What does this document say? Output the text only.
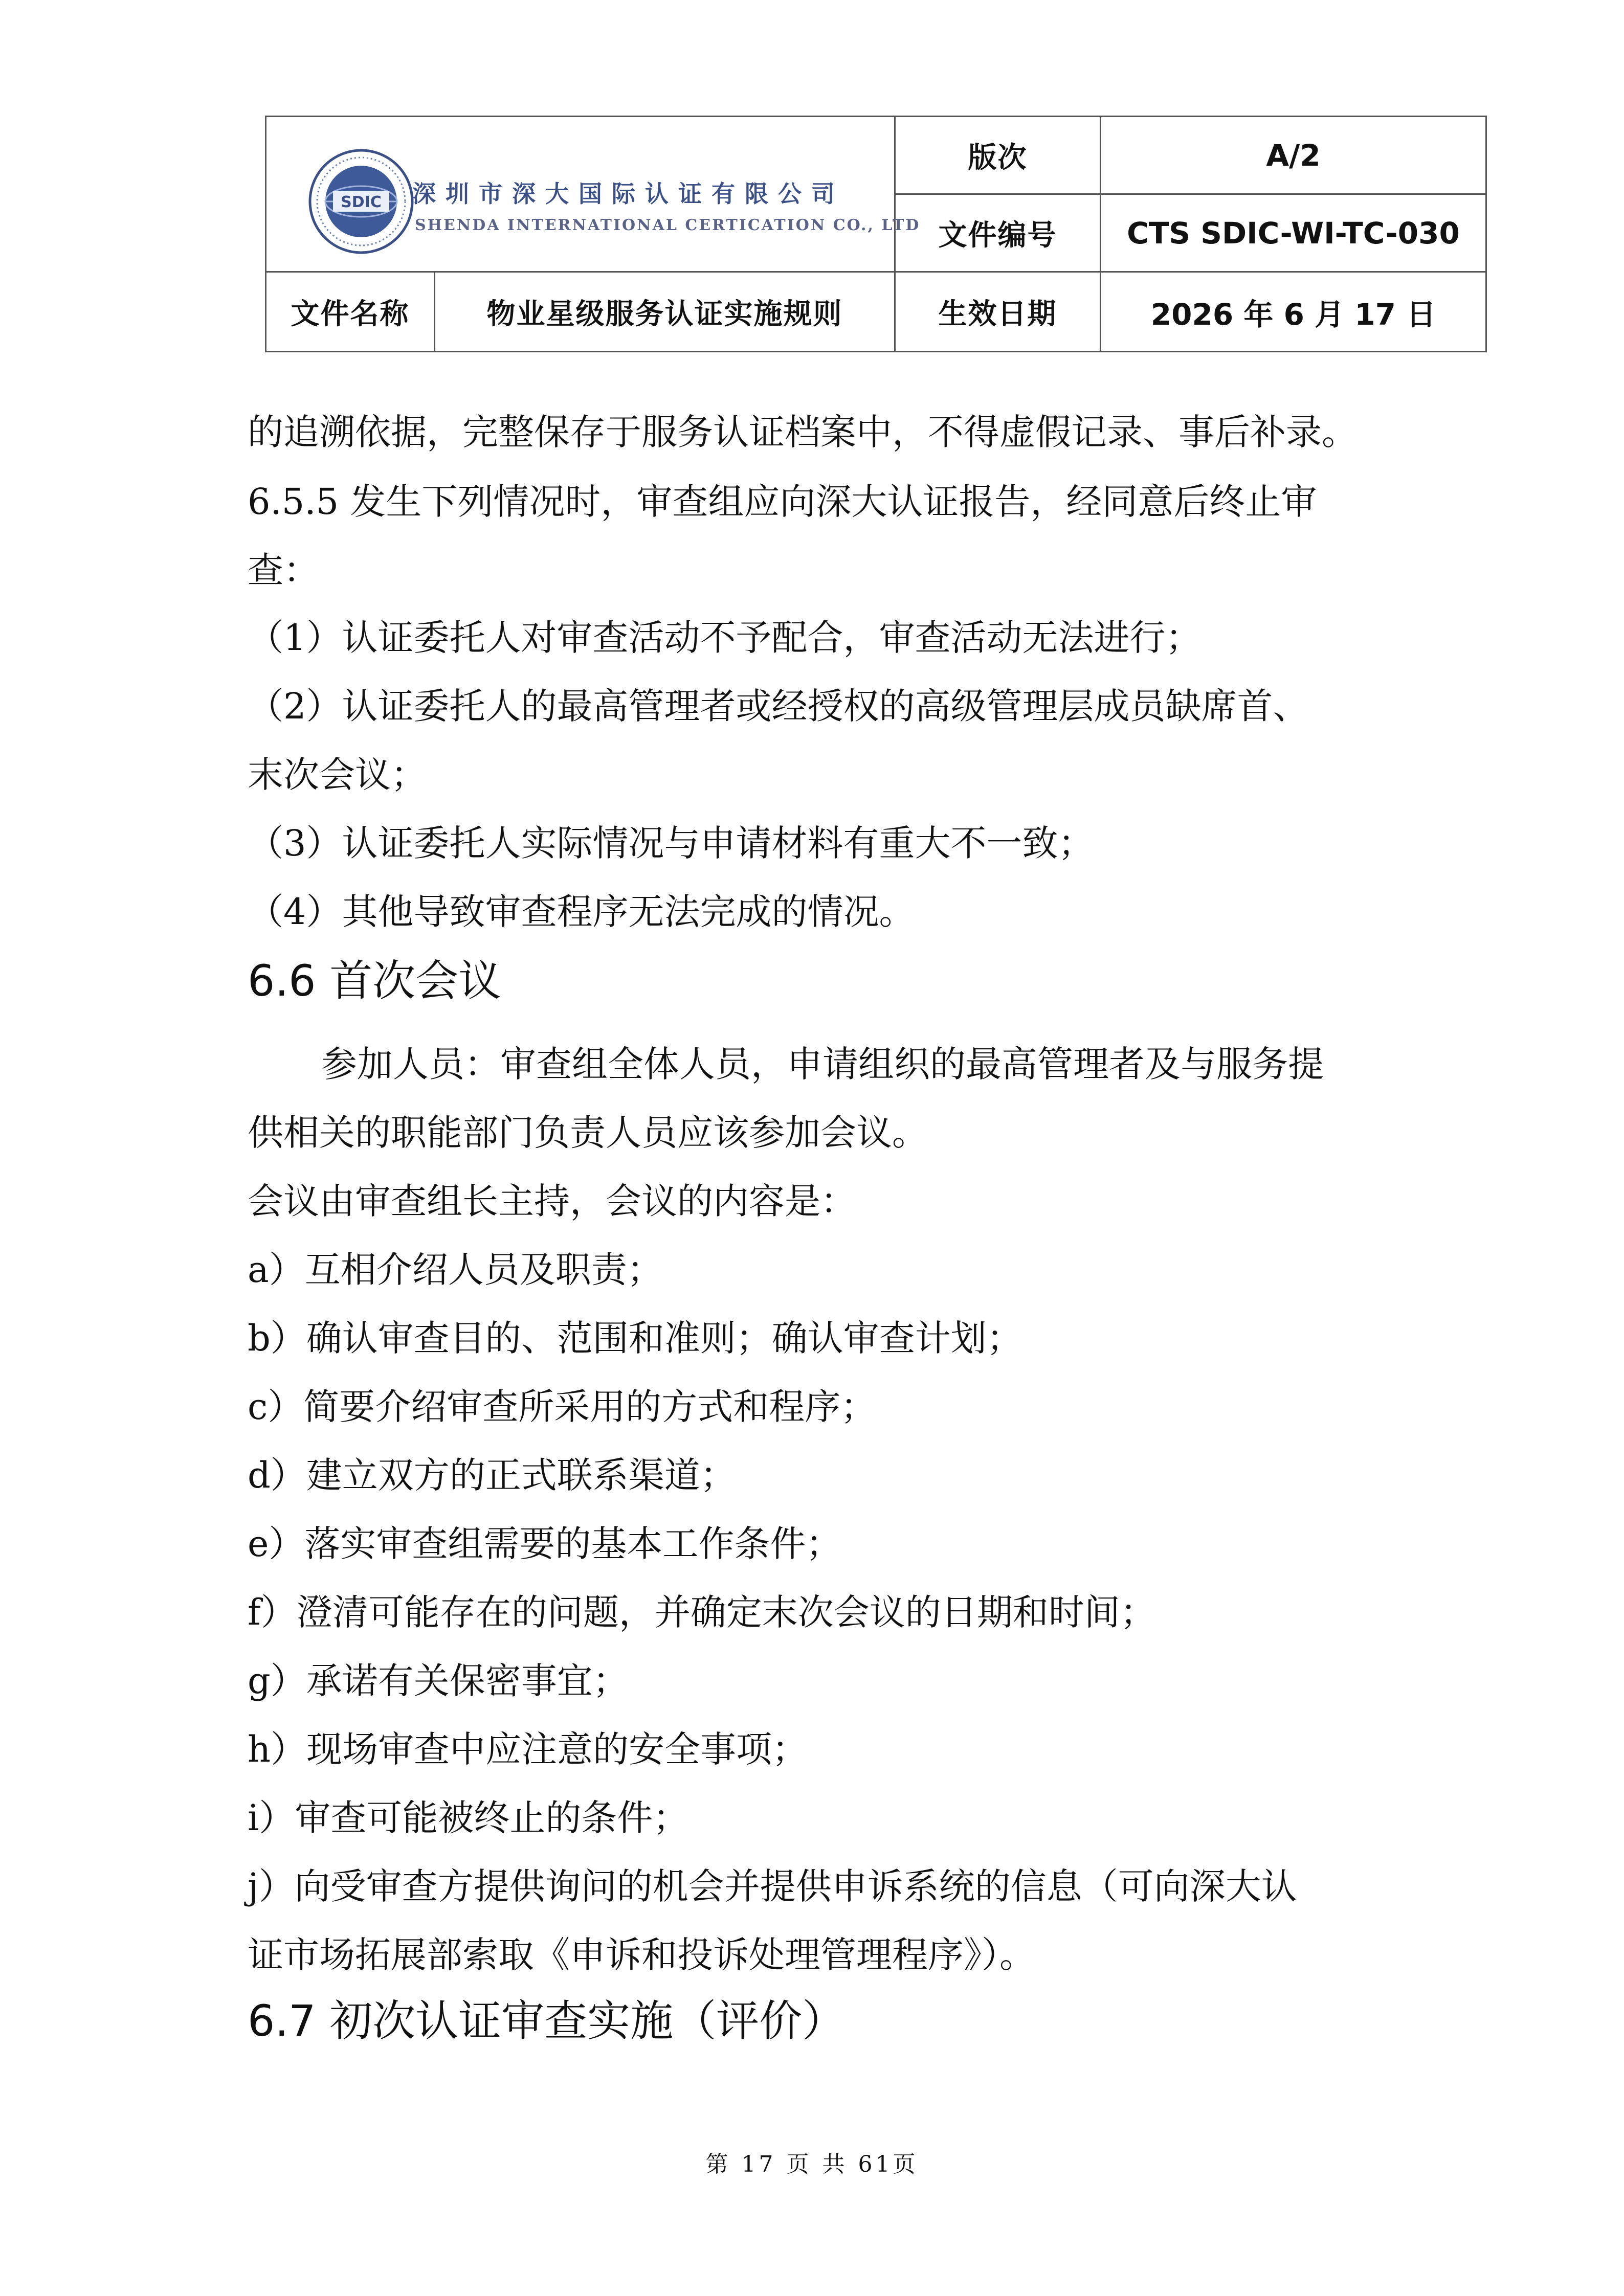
SDIC 深圳市深大国际认证有限公司
SHENDA INTERNATIONAL CERTICATION CO., LTD		版次	A/2
		文件编号	CTS SDIC-WI-TC-030
文件名称	物业星级服务认证实施规则	生效日期	2026 年 6 月 17 日
的追溯依据，完整保存于服务认证档案中，不得虚假记录、事后补录。
6.5.5 发生下列情况时，审查组应向深大认证报告，经同意后终止审
查：
（1）认证委托人对审查活动不予配合，审查活动无法进行；
（2）认证委托人的最高管理者或经授权的高级管理层成员缺席首、
末次会议；
（3）认证委托人实际情况与申请材料有重大不一致；
（4）其他导致审查程序无法完成的情况。
6.6 首次会议
参加人员：审查组全体人员，申请组织的最高管理者及与服务提
供相关的职能部门负责人员应该参加会议。
会议由审查组长主持，会议的内容是：
a）互相介绍人员及职责；
b）确认审查目的、范围和准则；确认审查计划；
c）简要介绍审查所采用的方式和程序；
d）建立双方的正式联系渠道；
e）落实审查组需要的基本工作条件；
f）澄清可能存在的问题，并确定末次会议的日期和时间；
g）承诺有关保密事宜；
h）现场审查中应注意的安全事项；
i）审查可能被终止的条件；
j）向受审查方提供询问的机会并提供申诉系统的信息（可向深大认
证市场拓展部索取《申诉和投诉处理管理程序》）。
6.7 初次认证审查实施（评价）
第 17 页 共 61页
